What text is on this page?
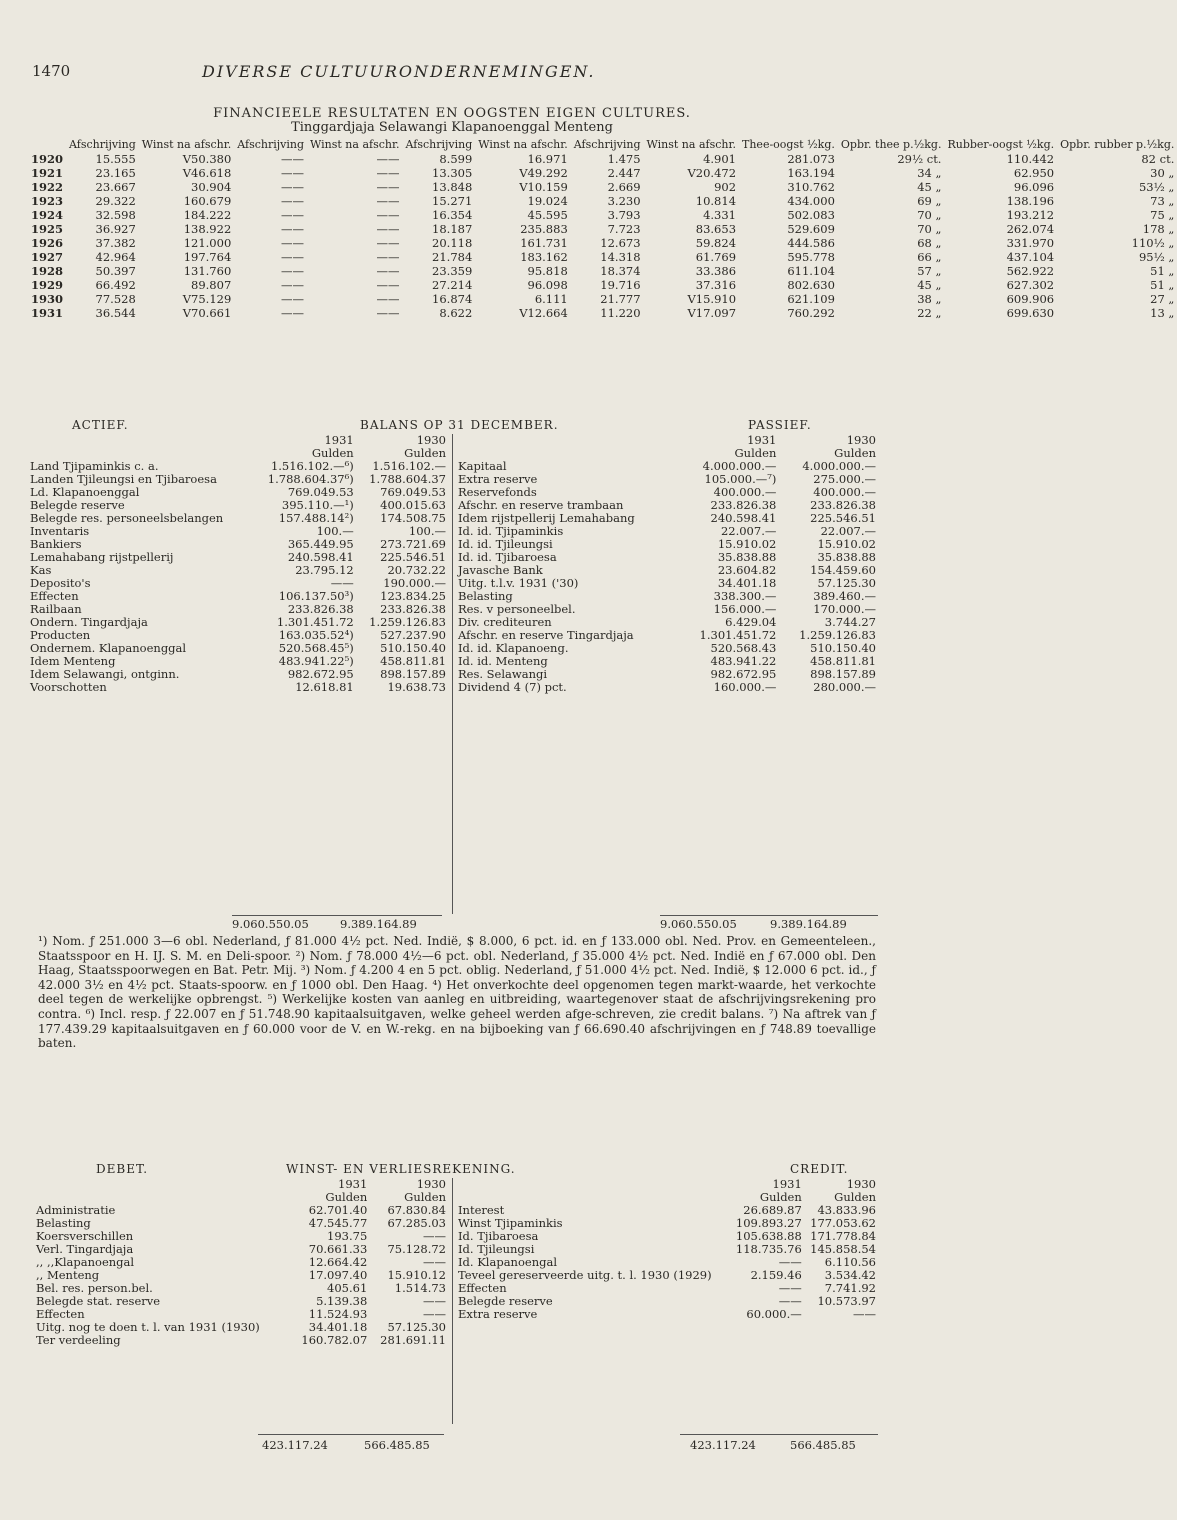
1470	DIVERSE CULTUURONDERNEMINGEN.
FINANCIEELE RESULTATEN EN OOGSTEN EIGEN CULTURES.
Tinggardjaja Selawangi Klapanoenggal Menteng
	Afschrijving	Winst na afschr.	Afschrijving	Winst na afschr.	Afschrijving	Winst na afschr.	Afschrijving	Winst na afschr.	Thee-oogst ½kg.	Opbr. thee p.½kg.	Rubber-oogst ½kg.	Opbr. rubber p.½kg.
1920	15.555	V50.380	——	——	8.599	16.971	1.475	4.901	281.073	29½ ct.	110.442	82 ct.
1921	23.165	V46.618	——	——	13.305	V49.292	2.447	V20.472	163.194	34 „	62.950	30 „
1922	23.667	30.904	——	——	13.848	V10.159	2.669	902	310.762	45 „	96.096	53½ „
1923	29.322	160.679	——	——	15.271	19.024	3.230	10.814	434.000	69 „	138.196	73 „
1924	32.598	184.222	——	——	16.354	45.595	3.793	4.331	502.083	70 „	193.212	75 „
1925	36.927	138.922	——	——	18.187	235.883	7.723	83.653	529.609	70 „	262.074	178 „
1926	37.382	121.000	——	——	20.118	161.731	12.673	59.824	444.586	68 „	331.970	110½ „
1927	42.964	197.764	——	——	21.784	183.162	14.318	61.769	595.778	66 „	437.104	95½ „
1928	50.397	131.760	——	——	23.359	95.818	18.374	33.386	611.104	57 „	562.922	51 „
1929	66.492	89.807	——	——	27.214	96.098	19.716	37.316	802.630	45 „	627.302	51 „
1930	77.528	V75.129	——	——	16.874	6.111	21.777	V15.910	621.109	38 „	609.906	27 „
1931	36.544	V70.661	——	——	8.622	V12.664	11.220	V17.097	760.292	22 „	699.630	13 „
ACTIEF.	BALANS OP 31 DECEMBER.	PASSIEF.
	1931	1930
	Gulden	Gulden
Land Tjipaminkis c. a.	1.516.102.—⁶)	1.516.102.—
Landen Tjileungsi en Tjibaroesa	1.788.604.37⁶)	1.788.604.37
Ld. Klapanoenggal	769.049.53	769.049.53
Belegde reserve	395.110.—¹)	400.015.63
Belegde res. personeelsbelangen	157.488.14²)	174.508.75
Inventaris	100.—	100.—
Bankiers	365.449.95	273.721.69
Lemahabang rijstpellerij	240.598.41	225.546.51
Kas	23.795.12	20.732.22
Deposito's	——	190.000.—
Effecten	106.137.50³)	123.834.25
Railbaan	233.826.38	233.826.38
Ondern. Tingardjaja	1.301.451.72	1.259.126.83
Producten	163.035.52⁴)	527.237.90
Ondernem. Klapanoenggal	520.568.45⁵)	510.150.40
Idem Menteng	483.941.22⁵)	458.811.81
Idem Selawangi, ontginn.	982.672.95	898.157.89
Voorschotten	12.618.81	19.638.73
	1931	1930
	Gulden	Gulden
Kapitaal	4.000.000.—	4.000.000.—
Extra reserve	105.000.—⁷)	275.000.—
Reservefonds	400.000.—	400.000.—
Afschr. en reserve trambaan	233.826.38	233.826.38
Idem rijstpellerij Lemahabang	240.598.41	225.546.51
Id. id. Tjipaminkis	22.007.—	22.007.—
Id. id. Tjileungsi	15.910.02	15.910.02
Id. id. Tjibaroesa	35.838.88	35.838.88
Javasche Bank	23.604.82	154.459.60
Uitg. t.l.v. 1931 ('30)	34.401.18	57.125.30
Belasting	338.300.—	389.460.—
Res. v personeelbel.	156.000.—	170.000.—
Div. crediteuren	6.429.04	3.744.27
Afschr. en reserve Tingardjaja	1.301.451.72	1.259.126.83
Id. id. Klapanoeng.	520.568.43	510.150.40
Id. id. Menteng	483.941.22	458.811.81
Res. Selawangi	982.672.95	898.157.89
Dividend 4 (7) pct.	160.000.—	280.000.—
9.060.550.05	9.389.164.89	9.060.550.05	9.389.164.89
¹) Nom. ƒ 251.000 3—6 obl. Nederland, ƒ 81.000 4½ pct. Ned. Indië, $ 8.000, 6 pct. id. en ƒ 133.000 obl. Ned. Prov. en Gemeenteleen., Staatsspoor en H. IJ. S. M. en Deli-spoor. ²) Nom. ƒ 78.000 4½—6 pct. obl. Nederland, ƒ 35.000 4½ pct. Ned. Indië en ƒ 67.000 obl. Den Haag, Staatsspoorwegen en Bat. Petr. Mij. ³) Nom. ƒ 4.200 4 en 5 pct. oblig. Nederland, ƒ 51.000 4½ pct. Ned. Indië, $ 12.000 6 pct. id., ƒ 42.000 3½ en 4½ pct. Staats-spoorw. en ƒ 1000 obl. Den Haag. ⁴) Het onverkochte deel opgenomen tegen markt-waarde, het verkochte deel tegen de werkelijke opbrengst. ⁵) Werkelijke kosten van aanleg en uitbreiding, waartegenover staat de afschrijvingsrekening pro contra. ⁶) Incl. resp. ƒ 22.007 en ƒ 51.748.90 kapitaalsuitgaven, welke geheel werden afge-schreven, zie credit balans. ⁷) Na aftrek van ƒ 177.439.29 kapitaalsuitgaven en ƒ 60.000 voor de V. en W.-rekg. en na bijboeking van ƒ 66.690.40 afschrijvingen en ƒ 748.89 toevallige baten.
DEBET.	WINST- EN VERLIESREKENING.	CREDIT.
	1931	1930
	Gulden	Gulden
Administratie	62.701.40	67.830.84
Belasting	47.545.77	67.285.03
Koersverschillen	193.75	——
Verl. Tingardjaja	70.661.33	75.128.72
,, ,,Klapanoengal	12.664.42	——
,, Menteng	17.097.40	15.910.12
Bel. res. person.bel.	405.61	1.514.73
Belegde stat. reserve	5.139.38	——
Effecten	11.524.93	——
Uitg. nog te doen t. l. van 1931 (1930)	34.401.18	57.125.30
Ter verdeeling	160.782.07	281.691.11
	1931	1930
	Gulden	Gulden
Interest	26.689.87	43.833.96
Winst Tjipaminkis	109.893.27	177.053.62
Id. Tjibaroesa	105.638.88	171.778.84
Id. Tjileungsi	118.735.76	145.858.54
Id. Klapanoengal	——	6.110.56
Teveel gereserveerde uitg. t. l. 1930 (1929)	2.159.46	3.534.42
Effecten	——	7.741.92
Belegde reserve	——	10.573.97
Extra reserve	60.000.—	——
423.117.24	566.485.85	423.117.24	566.485.85
